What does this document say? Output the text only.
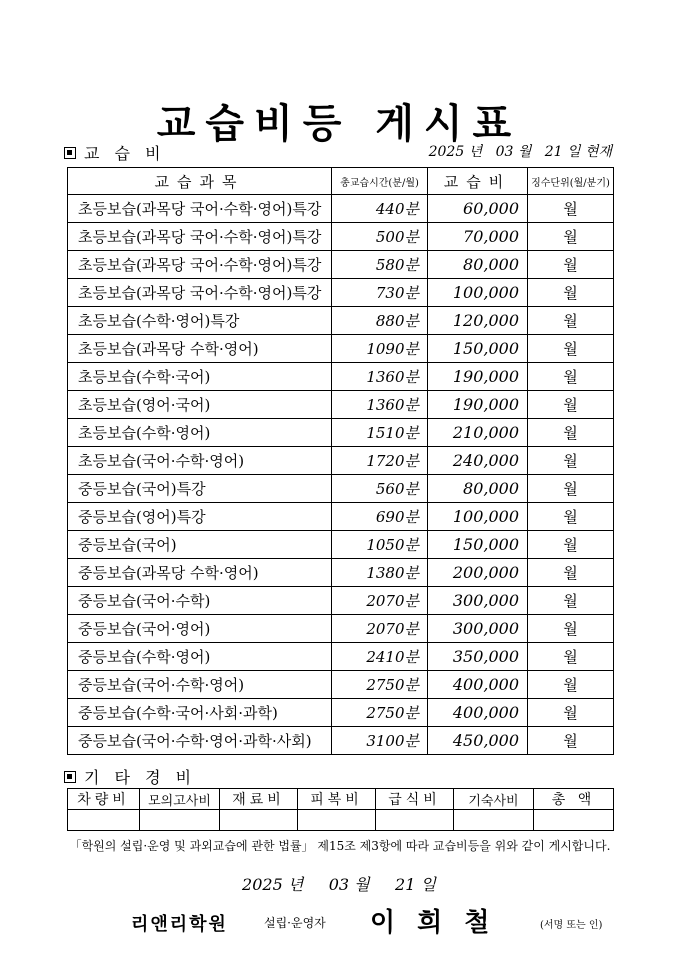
교습비등 게시표
교 습 비	2025 년   03 월   21 일 현재
교습과목	총교습시간(분/월)	교습비	징수단위(월/분기)
초등보습(과목당 국어·수학·영어)특강	440분	60,000	월
초등보습(과목당 국어·수학·영어)특강	500분	70,000	월
초등보습(과목당 국어·수학·영어)특강	580분	80,000	월
초등보습(과목당 국어·수학·영어)특강	730분	100,000	월
초등보습(수학·영어)특강	880분	120,000	월
초등보습(과목당 수학·영어)	1090분	150,000	월
초등보습(수학·국어)	1360분	190,000	월
초등보습(영어·국어)	1360분	190,000	월
초등보습(수학·영어)	1510분	210,000	월
초등보습(국어·수학·영어)	1720분	240,000	월
중등보습(국어)특강	560분	80,000	월
중등보습(영어)특강	690분	100,000	월
중등보습(국어)	1050분	150,000	월
중등보습(과목당 수학·영어)	1380분	200,000	월
중등보습(국어·수학)	2070분	300,000	월
중등보습(국어·영어)	2070분	300,000	월
중등보습(수학·영어)	2410분	350,000	월
중등보습(국어·수학·영어)	2750분	400,000	월
중등보습(수학·국어·사회·과학)	2750분	400,000	월
중등보습(국어·수학·영어·과학·사회)	3100분	450,000	월
기 타 경 비
차량비	모의고사비	재료비	피복비	급식비	기숙사비	총 액

「학원의 설립·운영 및 과외교습에 관한 법률」 제15조 제3항에 따라 교습비등을 위와 같이 게시합니다.
2025 년     03 월     21 일
리앤리학원	설립·운영자 이희철	(서명 또는 인)
